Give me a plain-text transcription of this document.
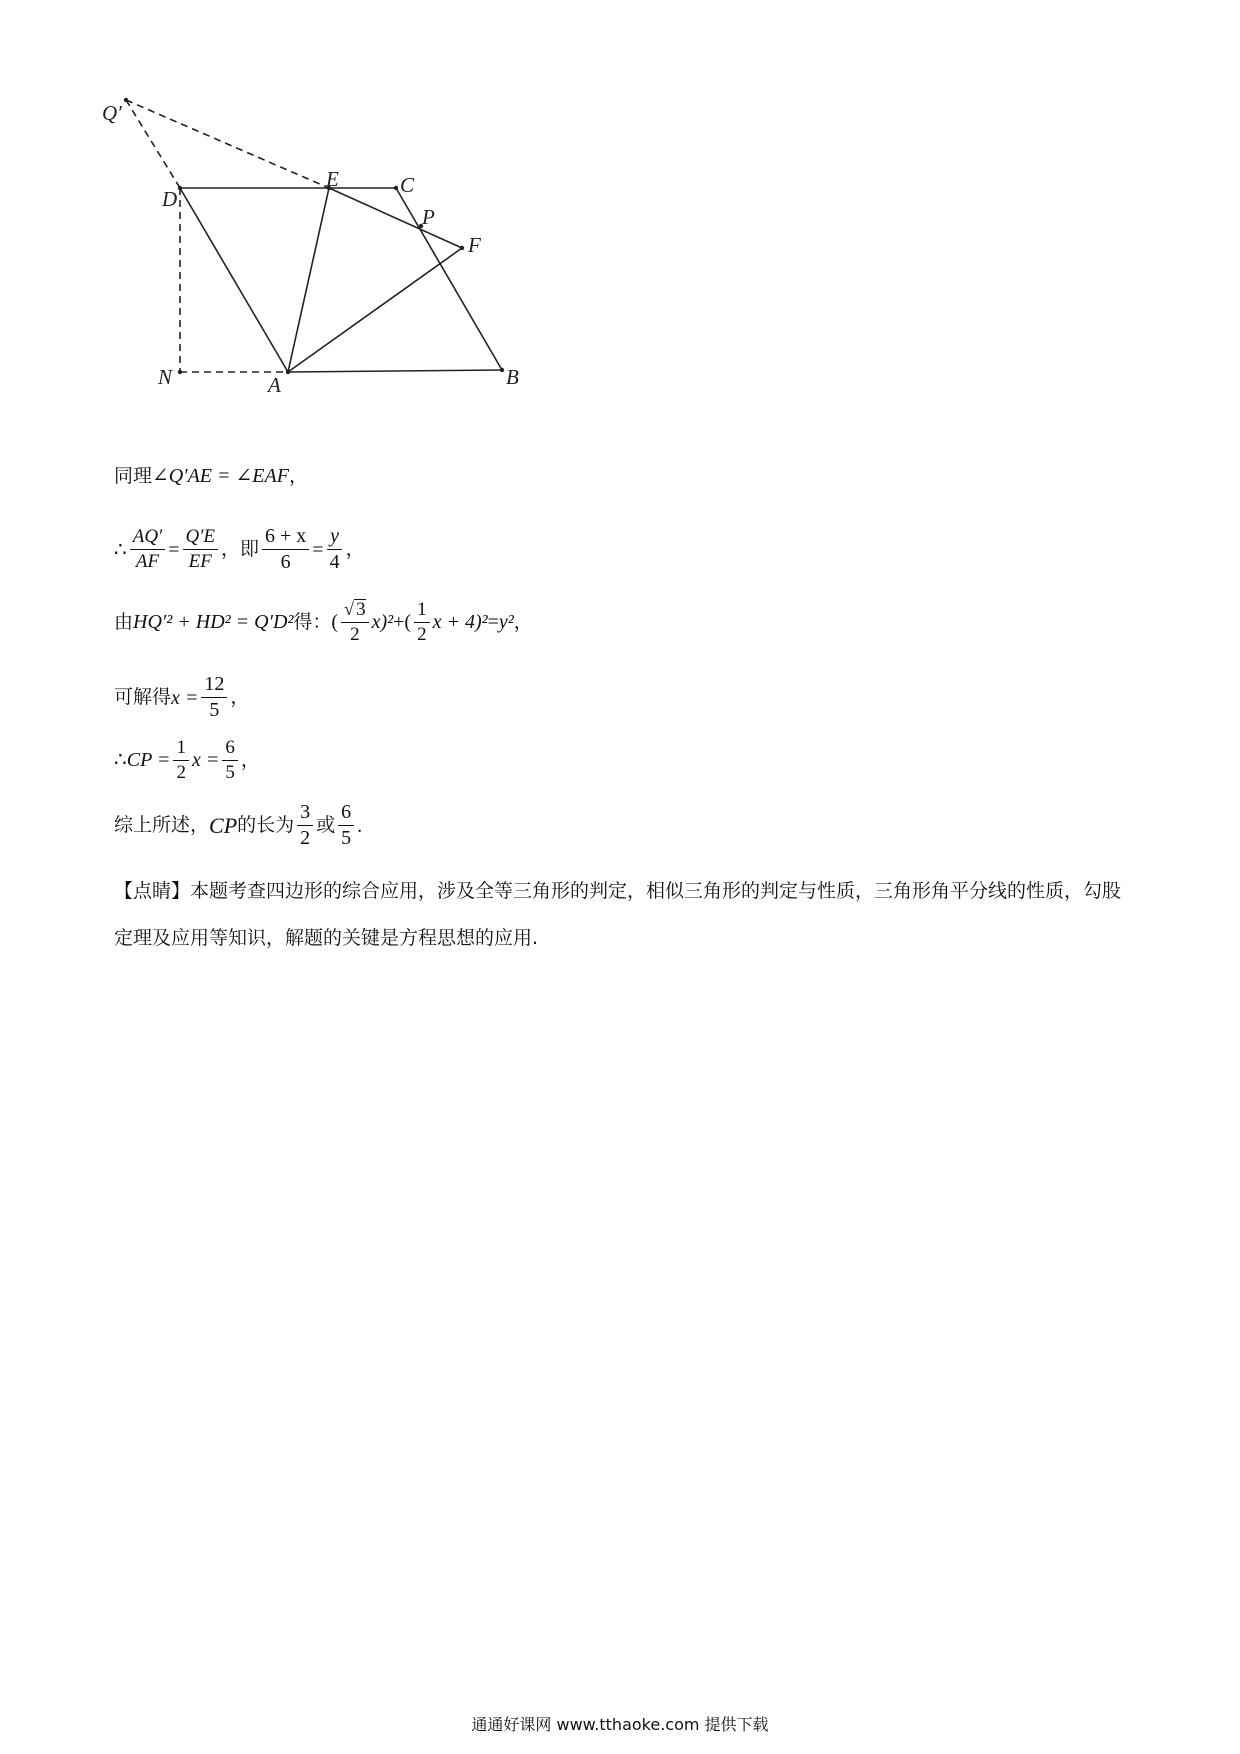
Q′
D
E	C
P
F
N	A	B
同理 ∠Q′AE = ∠EAF ，
∴ $\frac{AQ'}{AF} = \frac{Q'E}{EF}$ ，即 $\frac{6 + x}{6} = \frac{y}{4}$ ，
由 HQ′² + HD² = Q′D² 得： ( $\frac{√ 3}{2} x)^2$ + ( $\frac{1}{2}$ x + 4)² = y² ，
可解得 $x = \frac{12}{5}$ ，
∴ CP = $\frac{1}{2}$ $x = \frac{6}{5}$ ，
综上所述， CP 的长为 $\frac{3}{2}$ 或 $\frac{6}{5}$ .
【点睛】本题考查四边形的综合应用，涉及全等三角形的判定，相似三角形的判定与性质，三角形角平分线的性质，勾股定理及应用等知识，解题的关键是方程思想的应用.
通通好课网 www.tthaoke.com 提供下载
